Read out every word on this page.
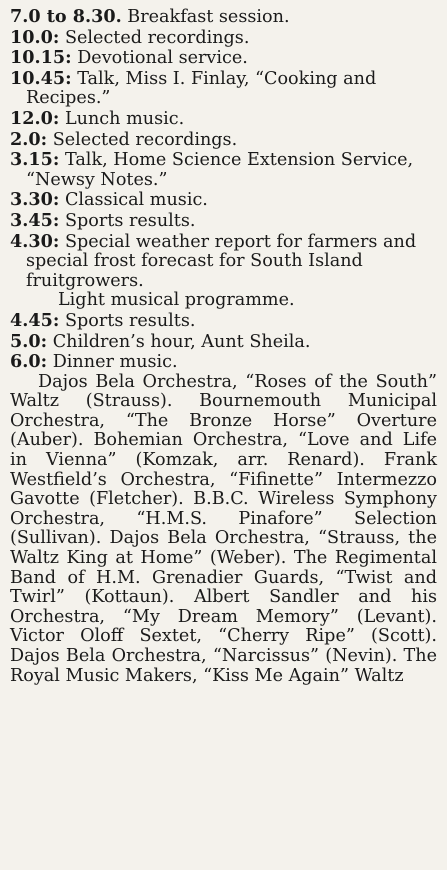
7.0 to 8.30. Breakfast session.

10.0: Selected recordings.

10.15: Devotional service.

10.45: Talk, Miss I. Finlay, “Cooking and Recipes.”

12.0: Lunch music.

2.0: Selected recordings.

3.15: Talk, Home Science Extension Service, “Newsy Notes.”

3.30: Classical music.

3.45: Sports results.

4.30: Special weather report for farmers and special frost forecast for South Island fruitgrowers.

Light musical programme.

4.45: Sports results.

5.0: Children’s hour, Aunt Sheila.

6.0: Dinner music.

Dajos Bela Orchestra, “Roses of the South” Waltz (Strauss). Bournemouth Municipal Orchestra, “The Bronze Horse” Overture (Auber). Bohemian Orchestra, “Love and Life in Vienna” (Komzak, arr. Renard). Frank Westfield’s Orchestra, “Fifinette” Intermezzo Gavotte (Fletcher). B.B.C. Wireless Symphony Orchestra, “H.M.S. Pinafore” Selection (Sullivan). Dajos Bela Orchestra, “Strauss, the Waltz King at Home” (Weber). The Regimental Band of H.M. Grenadier Guards, “Twist and Twirl” (Kottaun). Albert Sandler and his Orchestra, “My Dream Memory” (Levant). Victor Oloff Sextet, “Cherry Ripe” (Scott). Dajos Bela Orchestra, “Narcissus” (Nevin). The Royal Music Makers, “Kiss Me Again” Waltz
